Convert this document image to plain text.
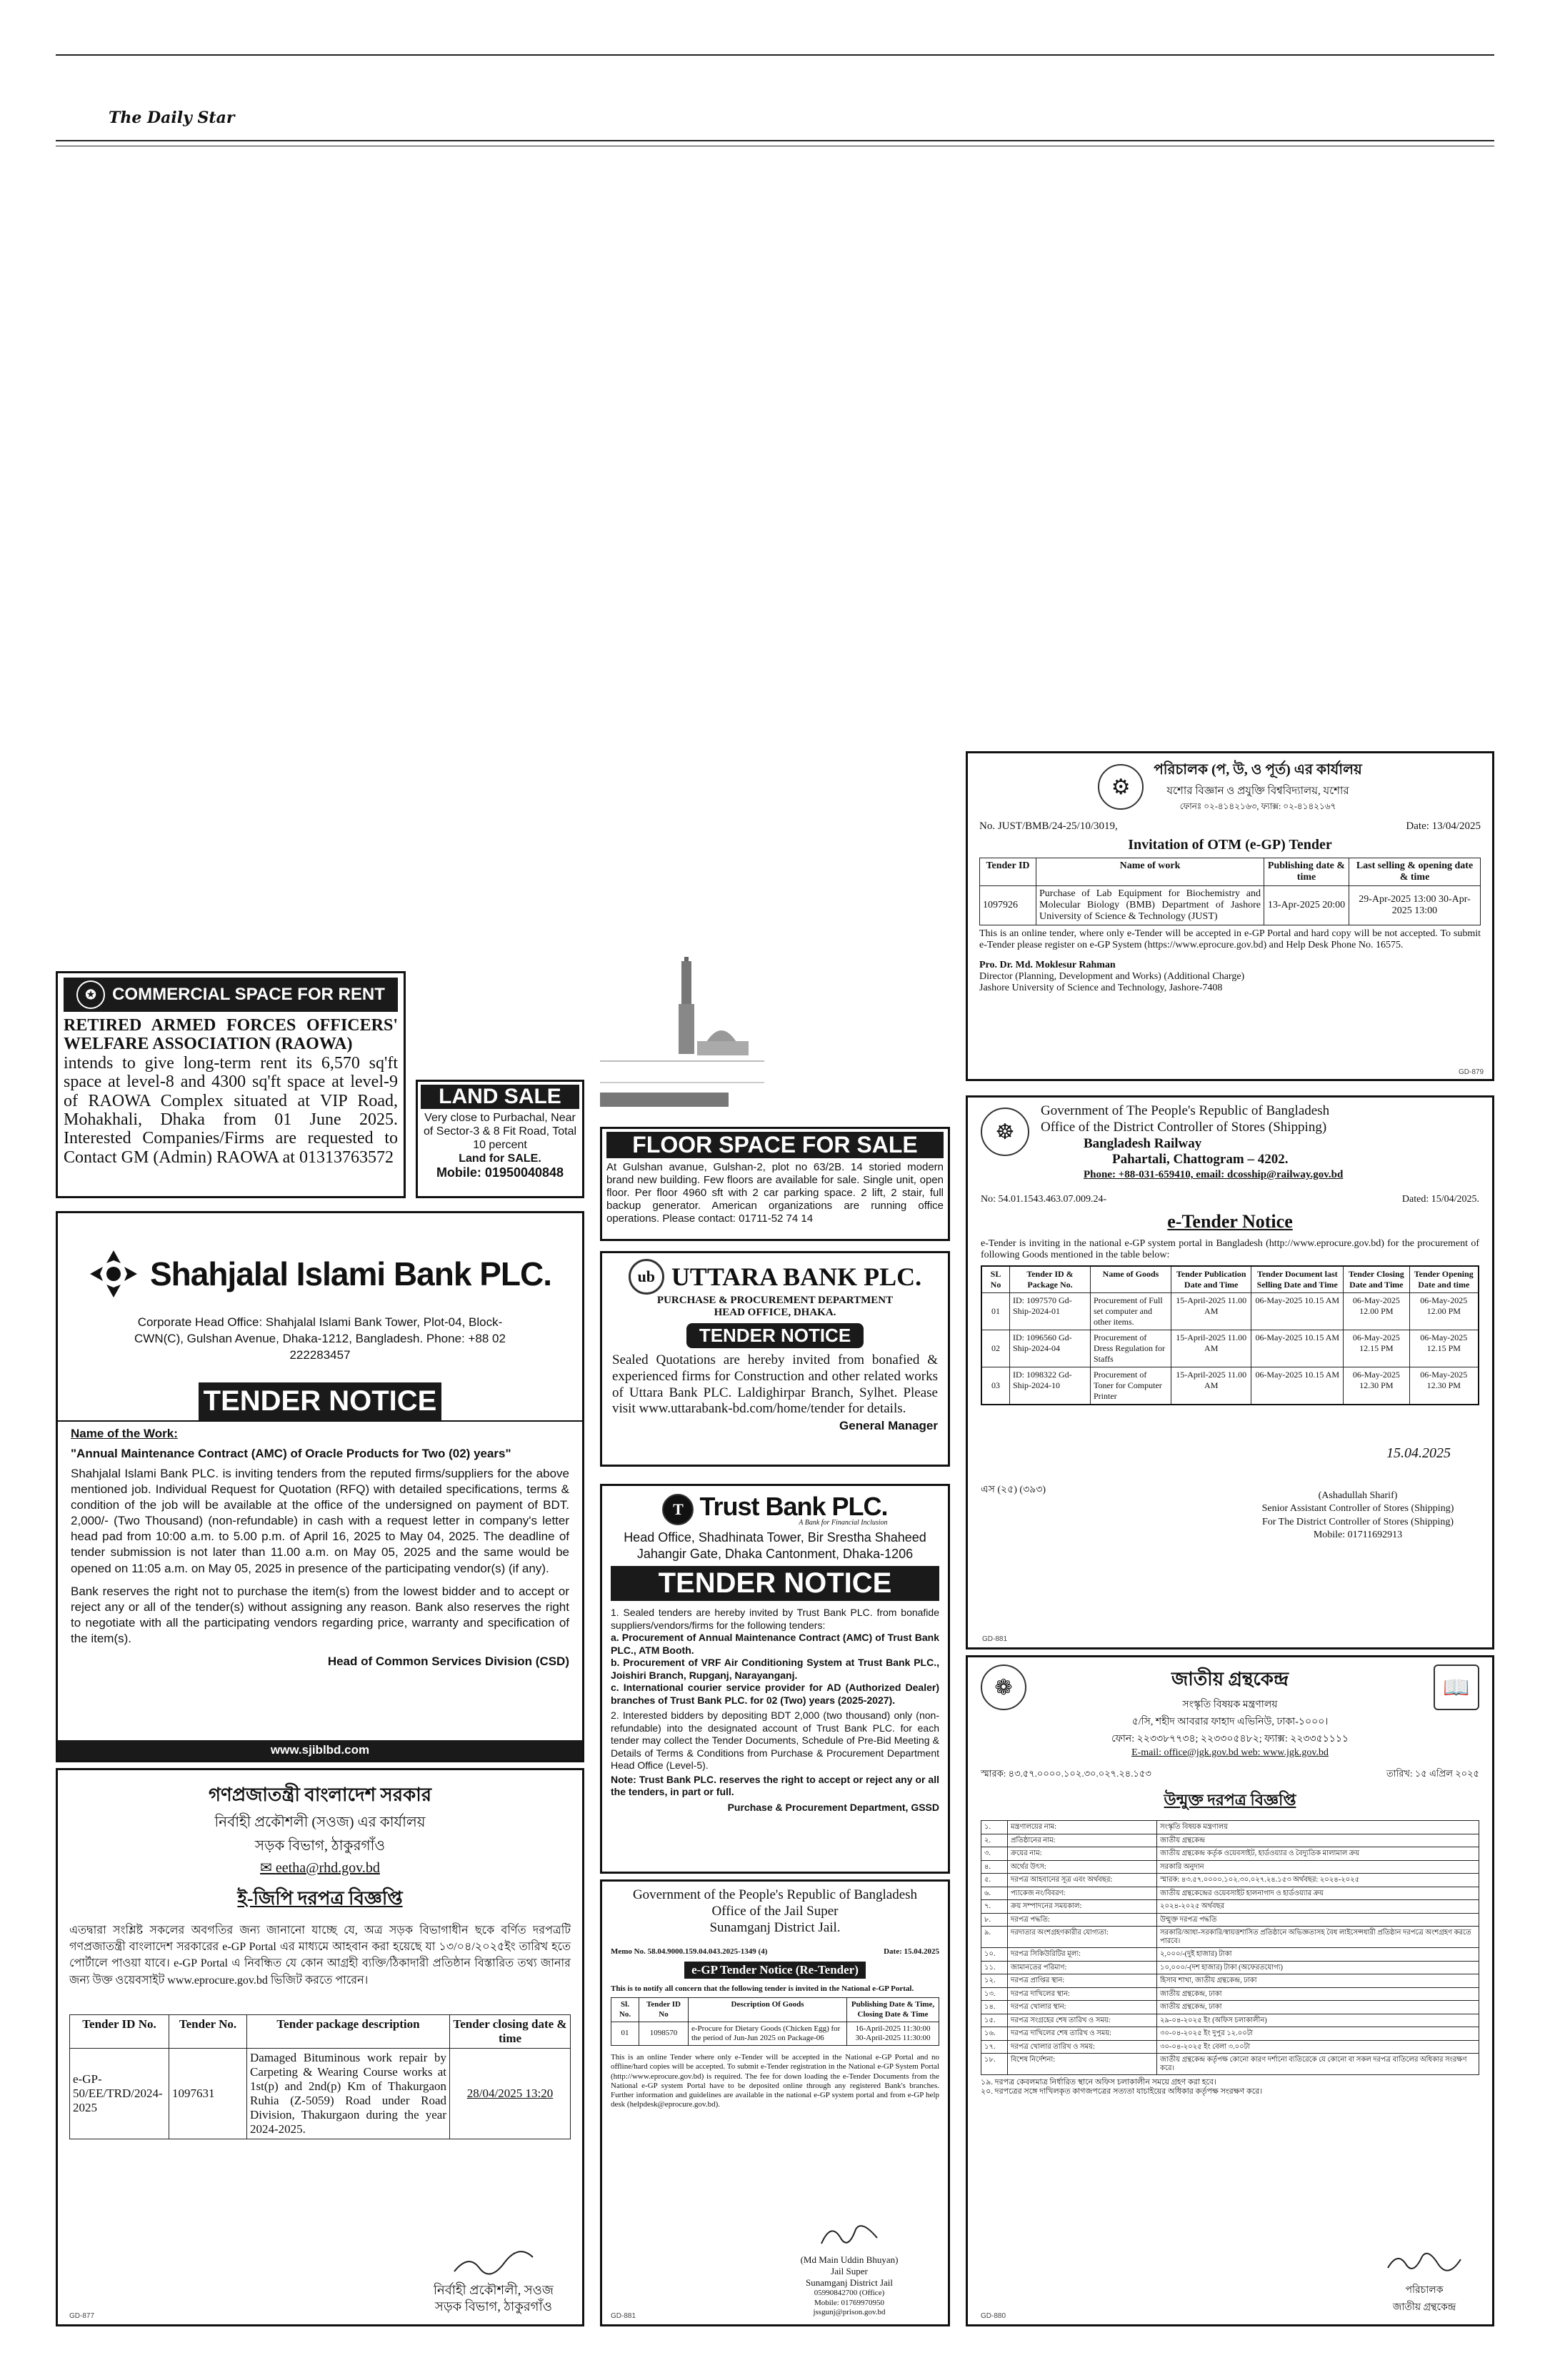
The Daily Star
⚙
পরিচালক (প, উ, ও পূর্ত) এর কার্যালয়
যশোর বিজ্ঞান ও প্রযুক্তি বিশ্ববিদ্যালয়, যশোর
ফোনঃ ০২-৪১৪২১৬৩, ফ্যাক্স: ০২-৪১৪২১৬৭
No. JUST/BMB/24-25/10/3019,	Date: 13/04/2025
Invitation of OTM (e-GP) Tender
Tender ID	Name of work	Publishing date & time	Last selling & opening date & time
1097926	Purchase of Lab Equipment for Biochemistry and Molecular Biology (BMB) Department of Jashore University of Science & Technology (JUST)	13-Apr-2025 20:00	29-Apr-2025 13:00 30-Apr-2025 13:00
This is an online tender, where only e-Tender will be accepted in e-GP Portal and hard copy will be not accepted. To submit e-Tender please register on e-GP System (https://www.eprocure.gov.bd) and Help Desk Phone No. 16575.
Pro. Dr. Md. Moklesur Rahman
Director (Planning, Development and Works) (Additional Charge)
Jashore University of Science and Technology, Jashore-7408
GD-879
✪ COMMERCIAL SPACE FOR RENT
RETIRED ARMED FORCES OFFICERS' WELFARE ASSOCIATION (RAOWA)
intends to give long-term rent its 6,570 sq'ft space at level-8 and 4300 sq'ft space at level-9 of RAOWA Complex situated at VIP Road, Mohakhali, Dhaka from 01 June 2025. Interested Companies/Firms are requested to Contact GM (Admin) RAOWA at 01313763572
LAND SALE
Very close to Purbachal, Near of Sector-3 & 8 Fit Road, Total 10 percent
Land for SALE.
Mobile: 01950040848
FLOOR SPACE FOR SALE
At Gulshan avanue, Gulshan-2, plot no 63/2B. 14 storied modern brand new building. Few floors are available for sale. Single unit, open floor. Per floor 4960 sft with 2 car parking space. 2 lift, 2 stair, full backup generator. American organizations are running office operations. Please contact: 01711-52 74 14
Shahjalal Islami Bank PLC.
Corporate Head Office: Shahjalal Islami Bank Tower, Plot-04, Block- CWN(C), Gulshan Avenue, Dhaka-1212, Bangladesh. Phone: +88 02 222283457
TENDER NOTICE
Name of the Work:
"Annual Maintenance Contract (AMC) of Oracle Products for Two (02) years"
Shahjalal Islami Bank PLC. is inviting tenders from the reputed firms/suppliers for the above mentioned job. Individual Request for Quotation (RFQ) with detailed specifications, terms & condition of the job will be available at the office of the undersigned on payment of BDT. 2,000/- (Two Thousand) (non-refundable) in cash with a request letter in company's letter head pad from 10:00 a.m. to 5.00 p.m. of April 16, 2025 to May 04, 2025. The deadline of tender submission is not later than 11.00 a.m. on May 05, 2025 and the same would be opened on 11:05 a.m. on May 05, 2025 in presence of the participating vendor(s) (if any).
Bank reserves the right not to purchase the item(s) from the lowest bidder and to accept or reject any or all of the tender(s) without assigning any reason. Bank also reserves the right to negotiate with all the participating vendors regarding price, warranty and specification of the item(s).
Head of Common Services Division (CSD)
www.sjiblbd.com
ub UTTARA BANK PLC.
PURCHASE & PROCUREMENT DEPARTMENT
HEAD OFFICE, DHAKA.
TENDER NOTICE
Sealed Quotations are hereby invited from bonafied & experienced firms for Construction and other related works of Uttara Bank PLC. Laldighirpar Branch, Sylhet. Please visit www.uttarabank-bd.com/home/tender for details.
General Manager
T Trust Bank PLC.
A Bank for Financial Inclusion
Head Office, Shadhinata Tower, Bir Srestha Shaheed Jahangir Gate, Dhaka Cantonment, Dhaka-1206
TENDER NOTICE
1. Sealed tenders are hereby invited by Trust Bank PLC. from bonafide suppliers/vendors/firms for the following tenders:
a. Procurement of Annual Maintenance Contract (AMC) of Trust Bank PLC., ATM Booth.
b. Procurement of VRF Air Conditioning System at Trust Bank PLC., Joishiri Branch, Rupganj, Narayanganj.
c. International courier service provider for AD (Authorized Dealer) branches of Trust Bank PLC. for 02 (Two) years (2025-2027).
2. Interested bidders by depositing BDT 2,000 (two thousand) only (non-refundable) into the designated account of Trust Bank PLC. for each tender may collect the Tender Documents, Schedule of Pre-Bid Meeting & Details of Terms & Conditions from Purchase & Procurement Department Head Office (Level-5).
Note: Trust Bank PLC. reserves the right to accept or reject any or all the tenders, in part or full.
Purchase & Procurement Department, GSSD
☸
Government of The People's Republic of Bangladesh
Office of the District Controller of Stores (Shipping)
Bangladesh Railway
Pahartali, Chattogram – 4202.
Phone: +88-031-659410, email: dcosship@railway.gov.bd
No: 54.01.1543.463.07.009.24-	Dated: 15/04/2025.
e-Tender Notice
e-Tender is inviting in the national e-GP system portal in Bangladesh (http://www.eprocure.gov.bd) for the procurement of following Goods mentioned in the table below:
SL No	Tender ID & Package No.	Name of Goods	Tender Publication Date and Time	Tender Document last Selling Date and Time	Tender Closing Date and Time	Tender Opening Date and time
01	ID: 1097570 Gd-Ship-2024-01	Procurement of Full set computer and other items.	15-April-2025 11.00 AM	06-May-2025 10.15 AM	06-May-2025 12.00 PM	06-May-2025 12.00 PM
02	ID: 1096560 Gd-Ship-2024-04	Procurement of Dress Regulation for Staffs	15-April-2025 11.00 AM	06-May-2025 10.15 AM	06-May-2025 12.15 PM	06-May-2025 12.15 PM
03	ID: 1098322 Gd-Ship-2024-10	Procurement of Toner for Computer Printer	15-April-2025 11.00 AM	06-May-2025 10.15 AM	06-May-2025 12.30 PM	06-May-2025 12.30 PM
এস (২৫) (৩৯৩)
15.04.2025
(Ashadullah Sharif)
Senior Assistant Controller of Stores (Shipping)
For The District Controller of Stores (Shipping)
Mobile: 01711692913
GD-881
গণপ্রজাতন্ত্রী বাংলাদেশ সরকার
নির্বাহী প্রকৌশলী (সওজ) এর কার্যালয়
সড়ক বিভাগ, ঠাকুরগাঁও
✉ eetha@rhd.gov.bd
ই-জিপি দরপত্র বিজ্ঞপ্তি
এতদ্বারা সংশ্লিষ্ট সকলের অবগতির জন্য জানানো যাচ্ছে যে, অত্র সড়ক বিভাগাধীন ছকে বর্ণিত দরপত্রটি গণপ্রজাতন্ত্রী বাংলাদেশ সরকারের e-GP Portal এর মাধ্যমে আহবান করা হয়েছে যা ১৩/০৪/২০২৫ইং তারিখ হতে পোর্টালে পাওয়া যাবে। e-GP Portal এ নিবন্ধিত যে কোন আগ্রহী ব্যক্তি/ঠিকাদারী প্রতিষ্ঠান বিস্তারিত তথ্য জানার জন্য উক্ত ওয়েবসাইট www.eprocure.gov.bd ভিজিট করতে পারেন।
Tender ID No.	Tender No.	Tender package description	Tender closing date & time
e-GP-50/EE/TRD/2024-2025	1097631	Damaged Bituminous work repair by Carpeting & Wearing Course works at 1st(p) and 2nd(p) Km of Thakurgaon Ruhia (Z-5059) Road under Road Division, Thakurgaon during the year 2024-2025.	28/04/2025 13:20
নির্বাহী প্রকৌশলী, সওজ
সড়ক বিভাগ, ঠাকুরগাঁও
GD-877
Government of the People's Republic of Bangladesh
Office of the Jail Super
Sunamganj District Jail.
Memo No. 58.04.9000.159.04.043.2025-1349 (4)	Date: 15.04.2025
e-GP Tender Notice (Re-Tender)
This is to notify all concern that the following tender is invited in the National e-GP Portal.
Sl. No.	Tender ID No	Description Of Goods	Publishing Date & Time, Closing Date & Time
01	1098570	e-Procure for Dietary Goods (Chicken Egg) for the period of Jun-Jun 2025 on Package-06	16-April-2025 11:30:00 30-April-2025 11:30:00
This is an online Tender where only e-Tender will be accepted in the National e-GP Portal and no offline/hard copies will be accepted. To submit e-Tender registration in the National e-GP System Portal (http://www.eprocure.gov.bd) is required. The fee for down loading the e-Tender Documents from the National e-GP system Portal have to be deposited online through any registered Bank's branches. Further information and guidelines are available in the national e-GP system portal and from e-GP help desk (helpdesk@eprocure.gov.bd).
(Md Main Uddin Bhuyan)
Jail Super
Sunamganj District Jail
05990842700 (Office)
Mobile: 01769970950
jssgunj@prison.gov.bd
GD-881
❁	জাতীয় গ্রন্থকেন্দ্র
সংস্কৃতি বিষয়ক মন্ত্রণালয়
৫/সি, শহীদ আবরার ফাহাদ এভিনিউ, ঢাকা-১০০০।
ফোন: ২২৩৩৮৭৭৩৪; ২২৩৩০৫৪৮২; ফ্যাক্স: ২২৩৩৫১১১১
E-mail: office@jgk.gov.bd web: www.jgk.gov.bd
📖
স্মারক: ৪৩.৫৭.০০০০.১০২.৩০.০২৭.২৪.১৫৩	তারিখ: ১৫ এপ্রিল ২০২৫
উন্মুক্ত দরপত্র বিজ্ঞপ্তি
১.	মন্ত্রণালয়ের নাম:	সংস্কৃতি বিষয়ক মন্ত্রণালয়
২.	প্রতিষ্ঠানের নাম:	জাতীয় গ্রন্থকেন্দ্র
৩.	ক্রয়ের নাম:	জাতীয় গ্রন্থকেন্দ্র কর্তৃক ওয়েবসাইট, হার্ডওয়্যার ও বৈদ্যুতিক মালামাল ক্রয়
৪.	অর্থের উৎস:	সরকারি অনুদান
৫.	দরপত্র আহবানের সূত্র এবং অর্থবছর:	স্মারক: ৪৩.৫৭.০০০০.১০২.৩০.০২৭.২৪.১৫৩ অর্থবছর: ২০২৪-২০২৫
৬.	প্যাকেজ নং/বিবরণ:	জাতীয় গ্রন্থকেন্দ্রের ওয়েবসাইট হালনাগাদ ও হার্ডওয়্যার ক্রয়
৭.	ক্রয় সম্পাদনের সময়কাল:	২০২৪-২০২৫ অর্থবছর
৮.	দরপত্র পদ্ধতি:	উন্মুক্ত দরপত্র পদ্ধতি
৯.	দরদাতার অংশগ্রহণকারীর যোগ্যতা:	সরকারি/আধা-সরকারি/স্বায়ত্তশাসিত প্রতিষ্ঠানে অভিজ্ঞতাসহ বৈধ লাইসেন্সধারী প্রতিষ্ঠান দরপত্রে অংশগ্রহণ করতে পারবে।
১০.	দরপত্র সিকিউরিটির মূল্য:	২,০০০/-(দুই হাজার) টাকা
১১.	জামানতের পরিমাণ:	১০,০০০/-(দশ হাজার) টাকা (অফেরতযোগ্য)
১২.	দরপত্র প্রাপ্তির স্থান:	হিসাব শাখা, জাতীয় গ্রন্থকেন্দ্র, ঢাকা
১৩.	দরপত্র দাখিলের স্থান:	জাতীয় গ্রন্থকেন্দ্র, ঢাকা
১৪.	দরপত্র খোলার স্থান:	জাতীয় গ্রন্থকেন্দ্র, ঢাকা
১৫.	দরপত্র সংগ্রহের শেষ তারিখ ও সময়:	২৯-০৪-২০২৫ ইং (অফিস চলাকালীন)
১৬.	দরপত্র দাখিলের শেষ তারিখ ও সময়:	৩০-০৪-২০২৫ ইং দুপুর ১২.০০টা
১৭.	দরপত্র খোলার তারিখ ও সময়:	৩০-০৪-২০২৫ ইং বেলা ৩.০০টা
১৮.	বিশেষ নির্দেশনা:	জাতীয় গ্রন্থকেন্দ্র কর্তৃপক্ষ কোনো কারণ দর্শানো ব্যতিরেকে যে কোনো বা সকল দরপত্র বাতিলের অধিকার সংরক্ষণ করে।
১৯. দরপত্র কেবলমাত্র নির্ধারিত স্থানে অফিস চলাকালীন সময়ে গ্রহণ করা হবে।
২০. দরপত্রের সঙ্গে দাখিলকৃত কাগজপত্রের সত্যতা যাচাইয়ের অধিকার কর্তৃপক্ষ সংরক্ষণ করে।
পরিচালক
জাতীয় গ্রন্থকেন্দ্র
GD-880
